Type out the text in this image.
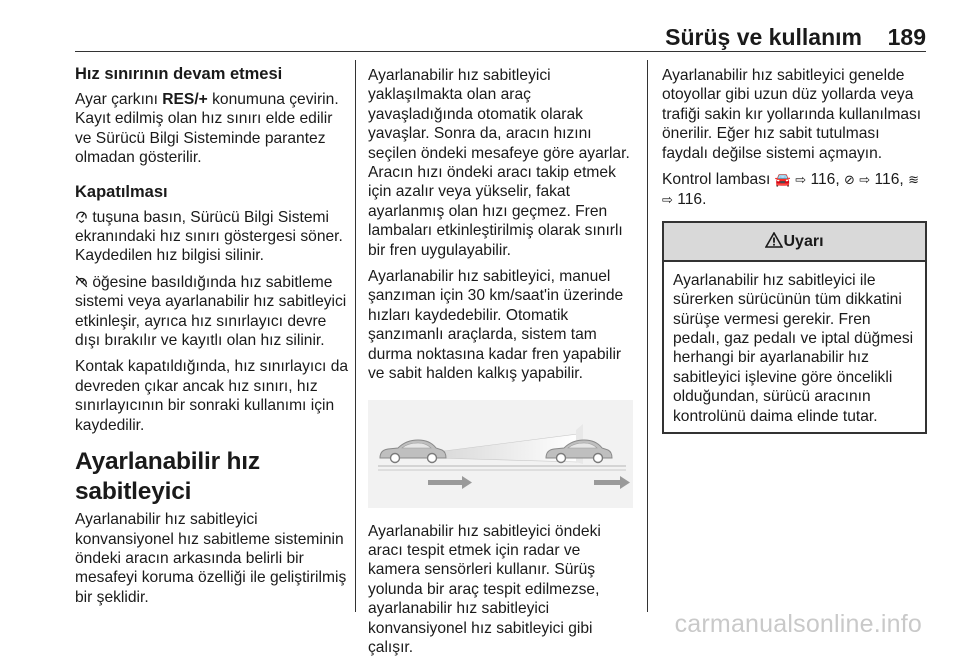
Sürüş ve kullanım 189
Hız sınırının devam etmesi

Ayar çarkını RES/+ konumuna çevirin. Kayıt edilmiş olan hız sınırı elde edilir ve Sürücü Bilgi Sisteminde parantez olmadan gösterilir.

Kapatılması

tuşuna basın, Sürücü Bilgi Sistemi ekranındaki hız sınırı göstergesi söner. Kaydedilen hız bilgisi silinir.

öğesine basıldığında hız sabitleme sistemi veya ayarlanabilir hız sabitleyici etkinleşir, ayrıca hız sınırlayıcı devre dışı bırakılır ve kayıtlı olan hız silinir.

Kontak kapatıldığında, hız sınırlayıcı da devreden çıkar ancak hız sınırı, hız sınırlayıcının bir sonraki kullanımı için kaydedilir.

Ayarlanabilir hız sabitleyici

Ayarlanabilir hız sabitleyici konvansiyonel hız sabitleme sisteminin öndeki aracın arkasında belirli bir mesafeyi koruma özelliği ile geliştirilmiş bir şeklidir.

Ayarlanabilir hız sabitleyici yaklaşılmakta olan araç yavaşladığında otomatik olarak yavaşlar. Sonra da, aracın hızını seçilen öndeki mesafeye göre ayarlar. Aracın hızı öndeki aracı takip etmek için azalır veya yükselir, fakat ayarlanmış olan hızı geçmez. Fren lambaları etkinleştirilmiş olarak sınırlı bir fren uygulayabilir.

Ayarlanabilir hız sabitleyici, manuel şanzıman için 30 km/saat'in üzerinde hızları kaydedebilir. Otomatik şanzımanlı araçlarda, sistem tam durma noktasına kadar fren yapabilir ve sabit halden kalkış yapabilir.

Ayarlanabilir hız sabitleyici öndeki aracı tespit etmek için radar ve kamera sensörleri kullanır. Sürüş yolunda bir araç tespit edilmezse, ayarlanabilir hız sabitleyici konvansiyonel hız sabitleyici gibi çalışır.

Ayarlanabilir hız sabitleyici genelde otoyollar gibi uzun düz yollarda veya trafiği sakin kır yollarında kullanılması önerilir. Eğer hız sabit tutulması faydalı değilse sistemi açmayın.

Kontrol lambası 🚘 ⇨ 116, ⊘ ⇨ 116, ≋
⇨ 116.

Uyarı

Ayarlanabilir hız sabitleyici ile sürerken sürücünün tüm dikkatini sürüşe vermesi gerekir. Fren pedalı, gaz pedalı ve iptal düğmesi herhangi bir ayarlanabilir hız sabitleyici işlevine göre öncelikli olduğundan, sürücü aracının kontrolünü daima elinde tutar.

carmanualsonline.info
